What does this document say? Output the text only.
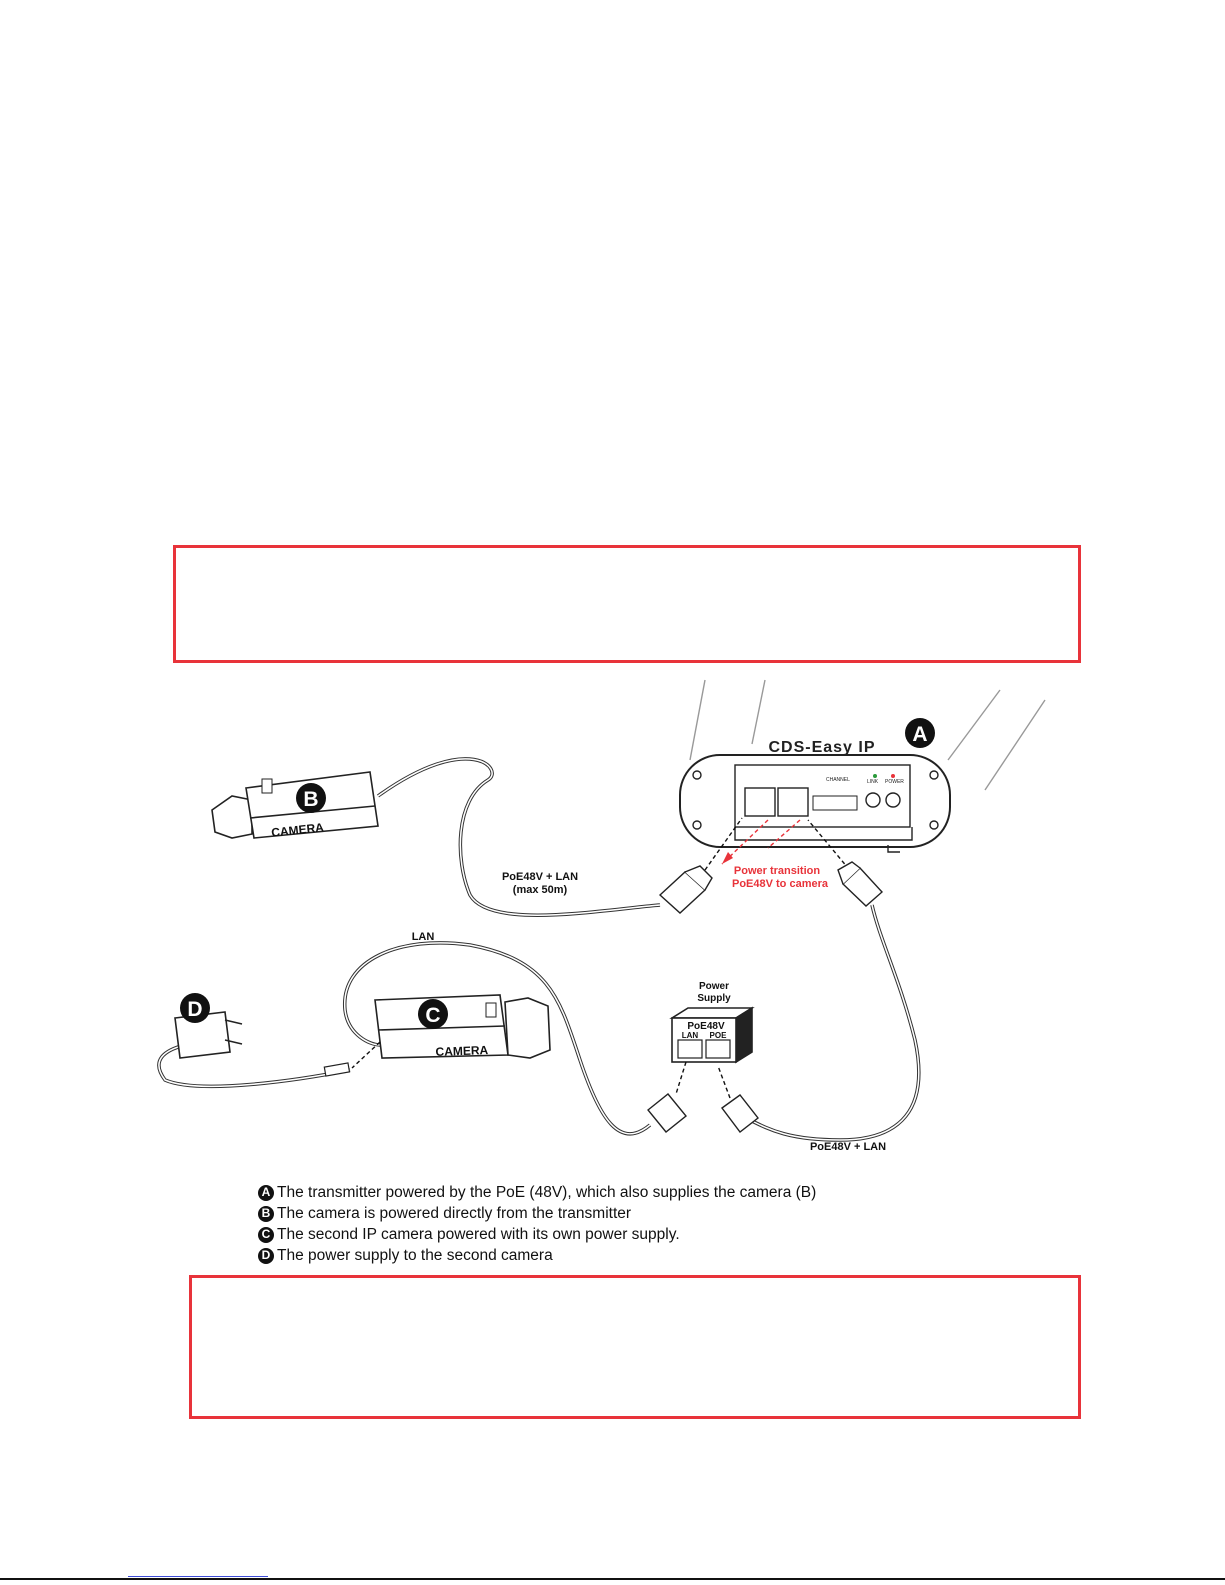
CDS-Easy IP
CHANNEL	LINK POWER
A
B
CAMERA
PoE48V + LAN
(max 50m)
Power transition
PoE48V to camera
PoE48V + LAN
Power
Supply
PoE48V
LAN POE
LAN
C
CAMERA
D
A The transmitter powered by the PoE (48V), which also supplies the camera (B)
B The camera is powered directly from the transmitter
C The second IP camera powered with its own power supply.
D The power supply to the second camera
